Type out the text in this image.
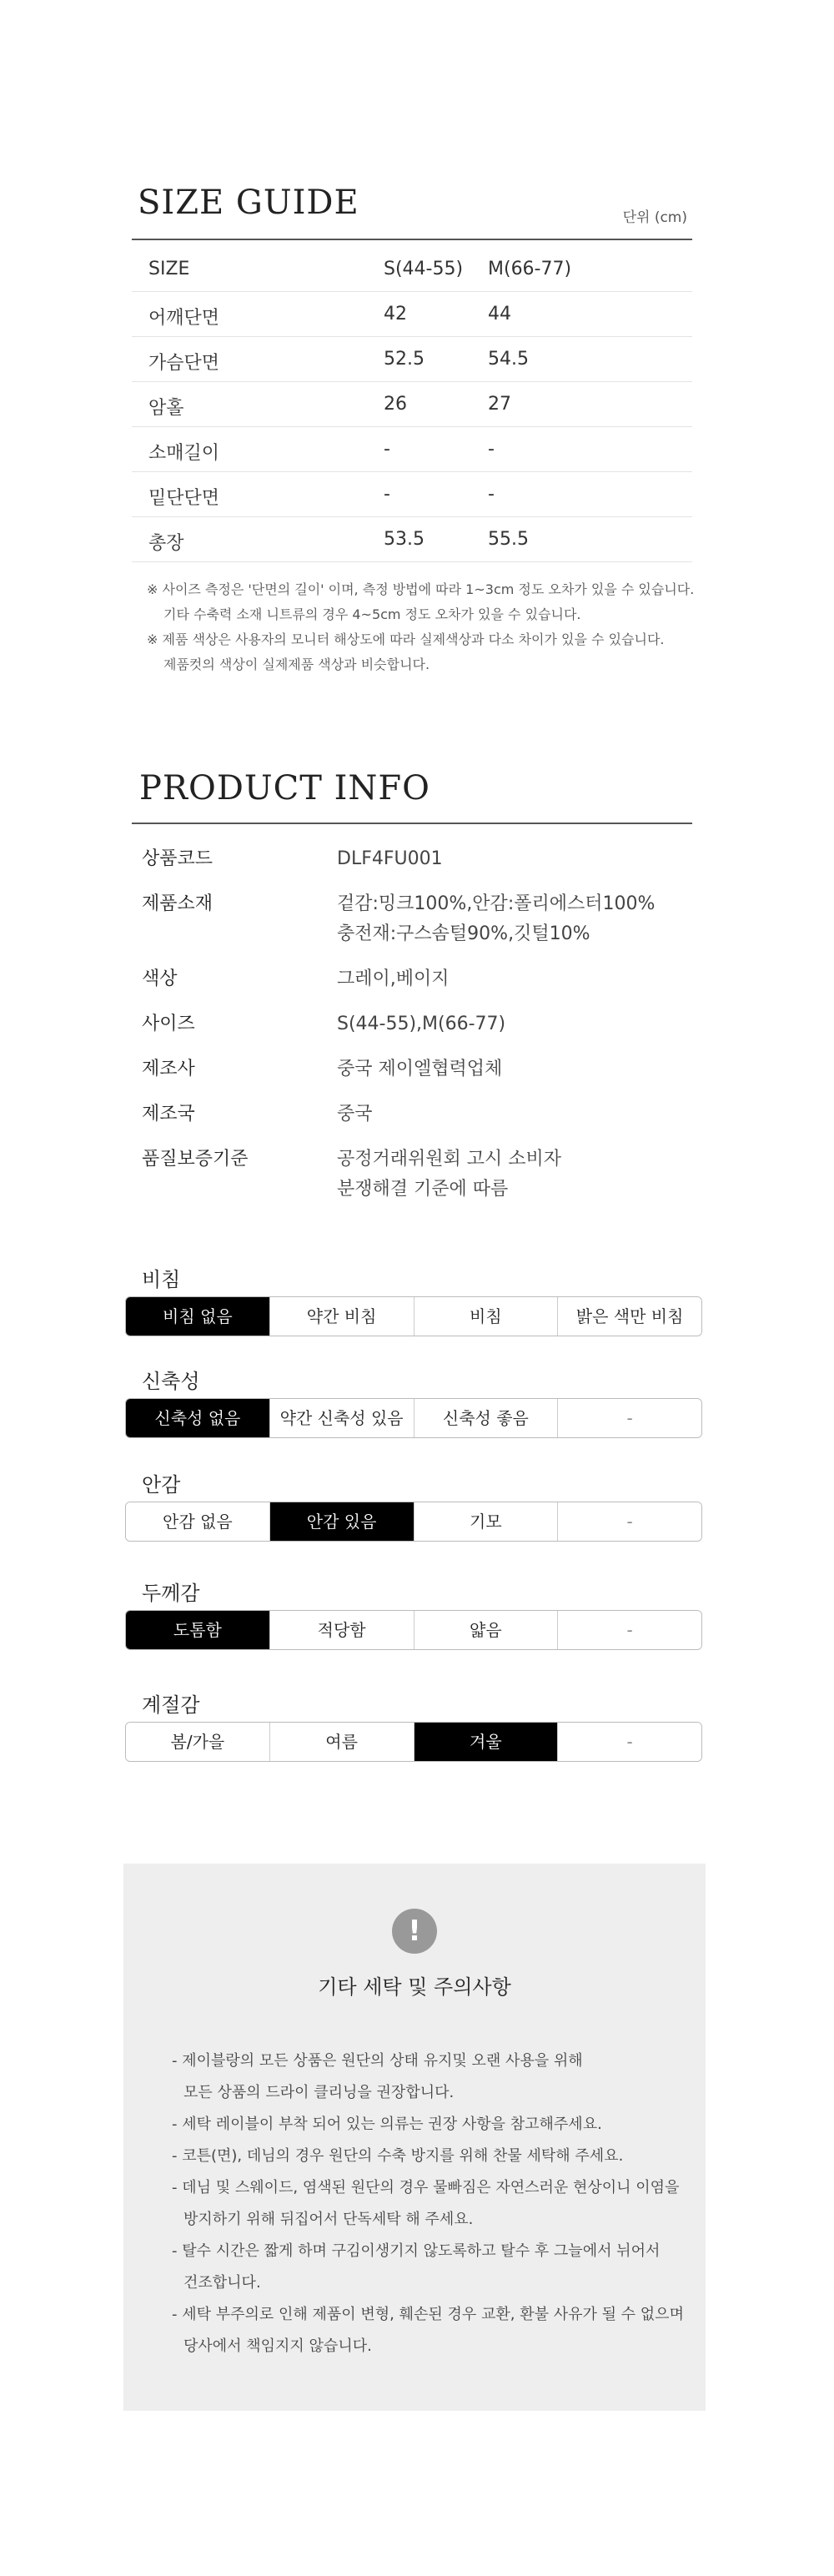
SIZE GUIDE	단위 (cm)
SIZE	S(44-55) M(66-77)
어깨단면	42	44
가슴단면	52.5	54.5
암홀	26	27
소매길이	-	-
밑단단면	-	-
총장	53.5	55.5
※ 사이즈 측정은 '단면의 길이' 이며, 측정 방법에 따라 1~3cm 정도 오차가 있을 수 있습니다.
기타 수축력 소재 니트류의 경우 4~5cm 정도 오차가 있을 수 있습니다.
※ 제품 색상은 사용자의 모니터 해상도에 따라 실제색상과 다소 차이가 있을 수 있습니다.
제품컷의 색상이 실제제품 색상과 비슷합니다.
PRODUCT INFO
상품코드	DLF4FU001
제품소재	겉감:밍크100%,안감:폴리에스터100%
충전재:구스솜털90%,깃털10%
색상	그레이,베이지
사이즈	S(44-55),M(66-77)
제조사	중국 제이엘협력업체
제조국	중국
품질보증기준	공정거래위원회 고시 소비자
분쟁해결 기준에 따름
비침
비침 없음	약간 비침	비침	밝은 색만 비침
신축성
신축성 없음	약간 신축성 있음	신축성 좋음	-
안감
안감 없음	안감 있음	기모	-
두께감
도톰함	적당함	얇음	-
계절감
봄/가을	여름	겨울	-
!
기타 세탁 및 주의사항
- 제이블랑의 모든 상품은 원단의 상태 유지및 오랜 사용을 위해
모든 상품의 드라이 클리닝을 권장합니다.
- 세탁 레이블이 부착 되어 있는 의류는 권장 사항을 참고해주세요.
- 코튼(면), 데님의 경우 원단의 수축 방지를 위해 찬물 세탁해 주세요.
- 데님 및 스웨이드, 염색된 원단의 경우 물빠짐은 자연스러운 현상이니 이염을
방지하기 위해 뒤집어서 단독세탁 해 주세요.
- 탈수 시간은 짧게 하며 구김이생기지 않도록하고 탈수 후 그늘에서 뉘어서
건조합니다.
- 세탁 부주의로 인해 제품이 변형, 훼손된 경우 교환, 환불 사유가 될 수 없으며
당사에서 책임지지 않습니다.
